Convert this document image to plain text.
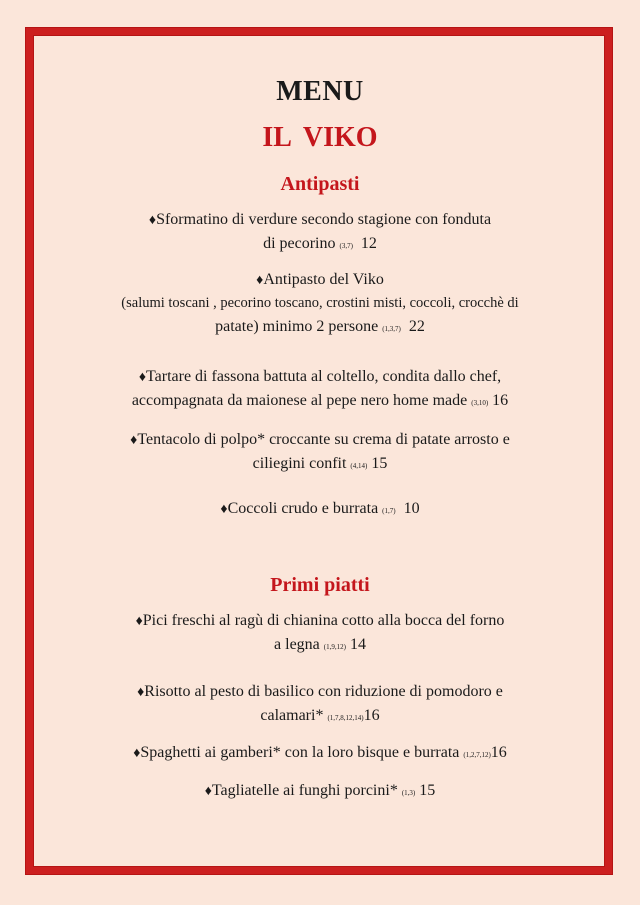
MENU
IL VIKO
Antipasti
♦Sformatino di verdure secondo stagione con fonduta
di pecorino (3,7) 12
♦Antipasto del Viko
(salumi toscani , pecorino toscano, crostini misti, coccoli, crocchè di
patate) minimo 2 persone (1,3,7) 22
♦Tartare di fassona battuta al coltello, condita dallo chef,
accompagnata da maionese al pepe nero home made (3,10) 16
♦Tentacolo di polpo* croccante su crema di patate arrosto e
ciliegini confit (4,14) 15
♦Coccoli crudo e burrata (1,7) 10
Primi piatti
♦Pici freschi al ragù di chianina cotto alla bocca del forno
a legna (1,9,12) 14
♦Risotto al pesto di basilico con riduzione di pomodoro e
calamari* (1,7,8,12,14)16
♦Spaghetti ai gamberi* con la loro bisque e burrata (1,2,7,12)16
♦Tagliatelle ai funghi porcini* (1,3) 15
